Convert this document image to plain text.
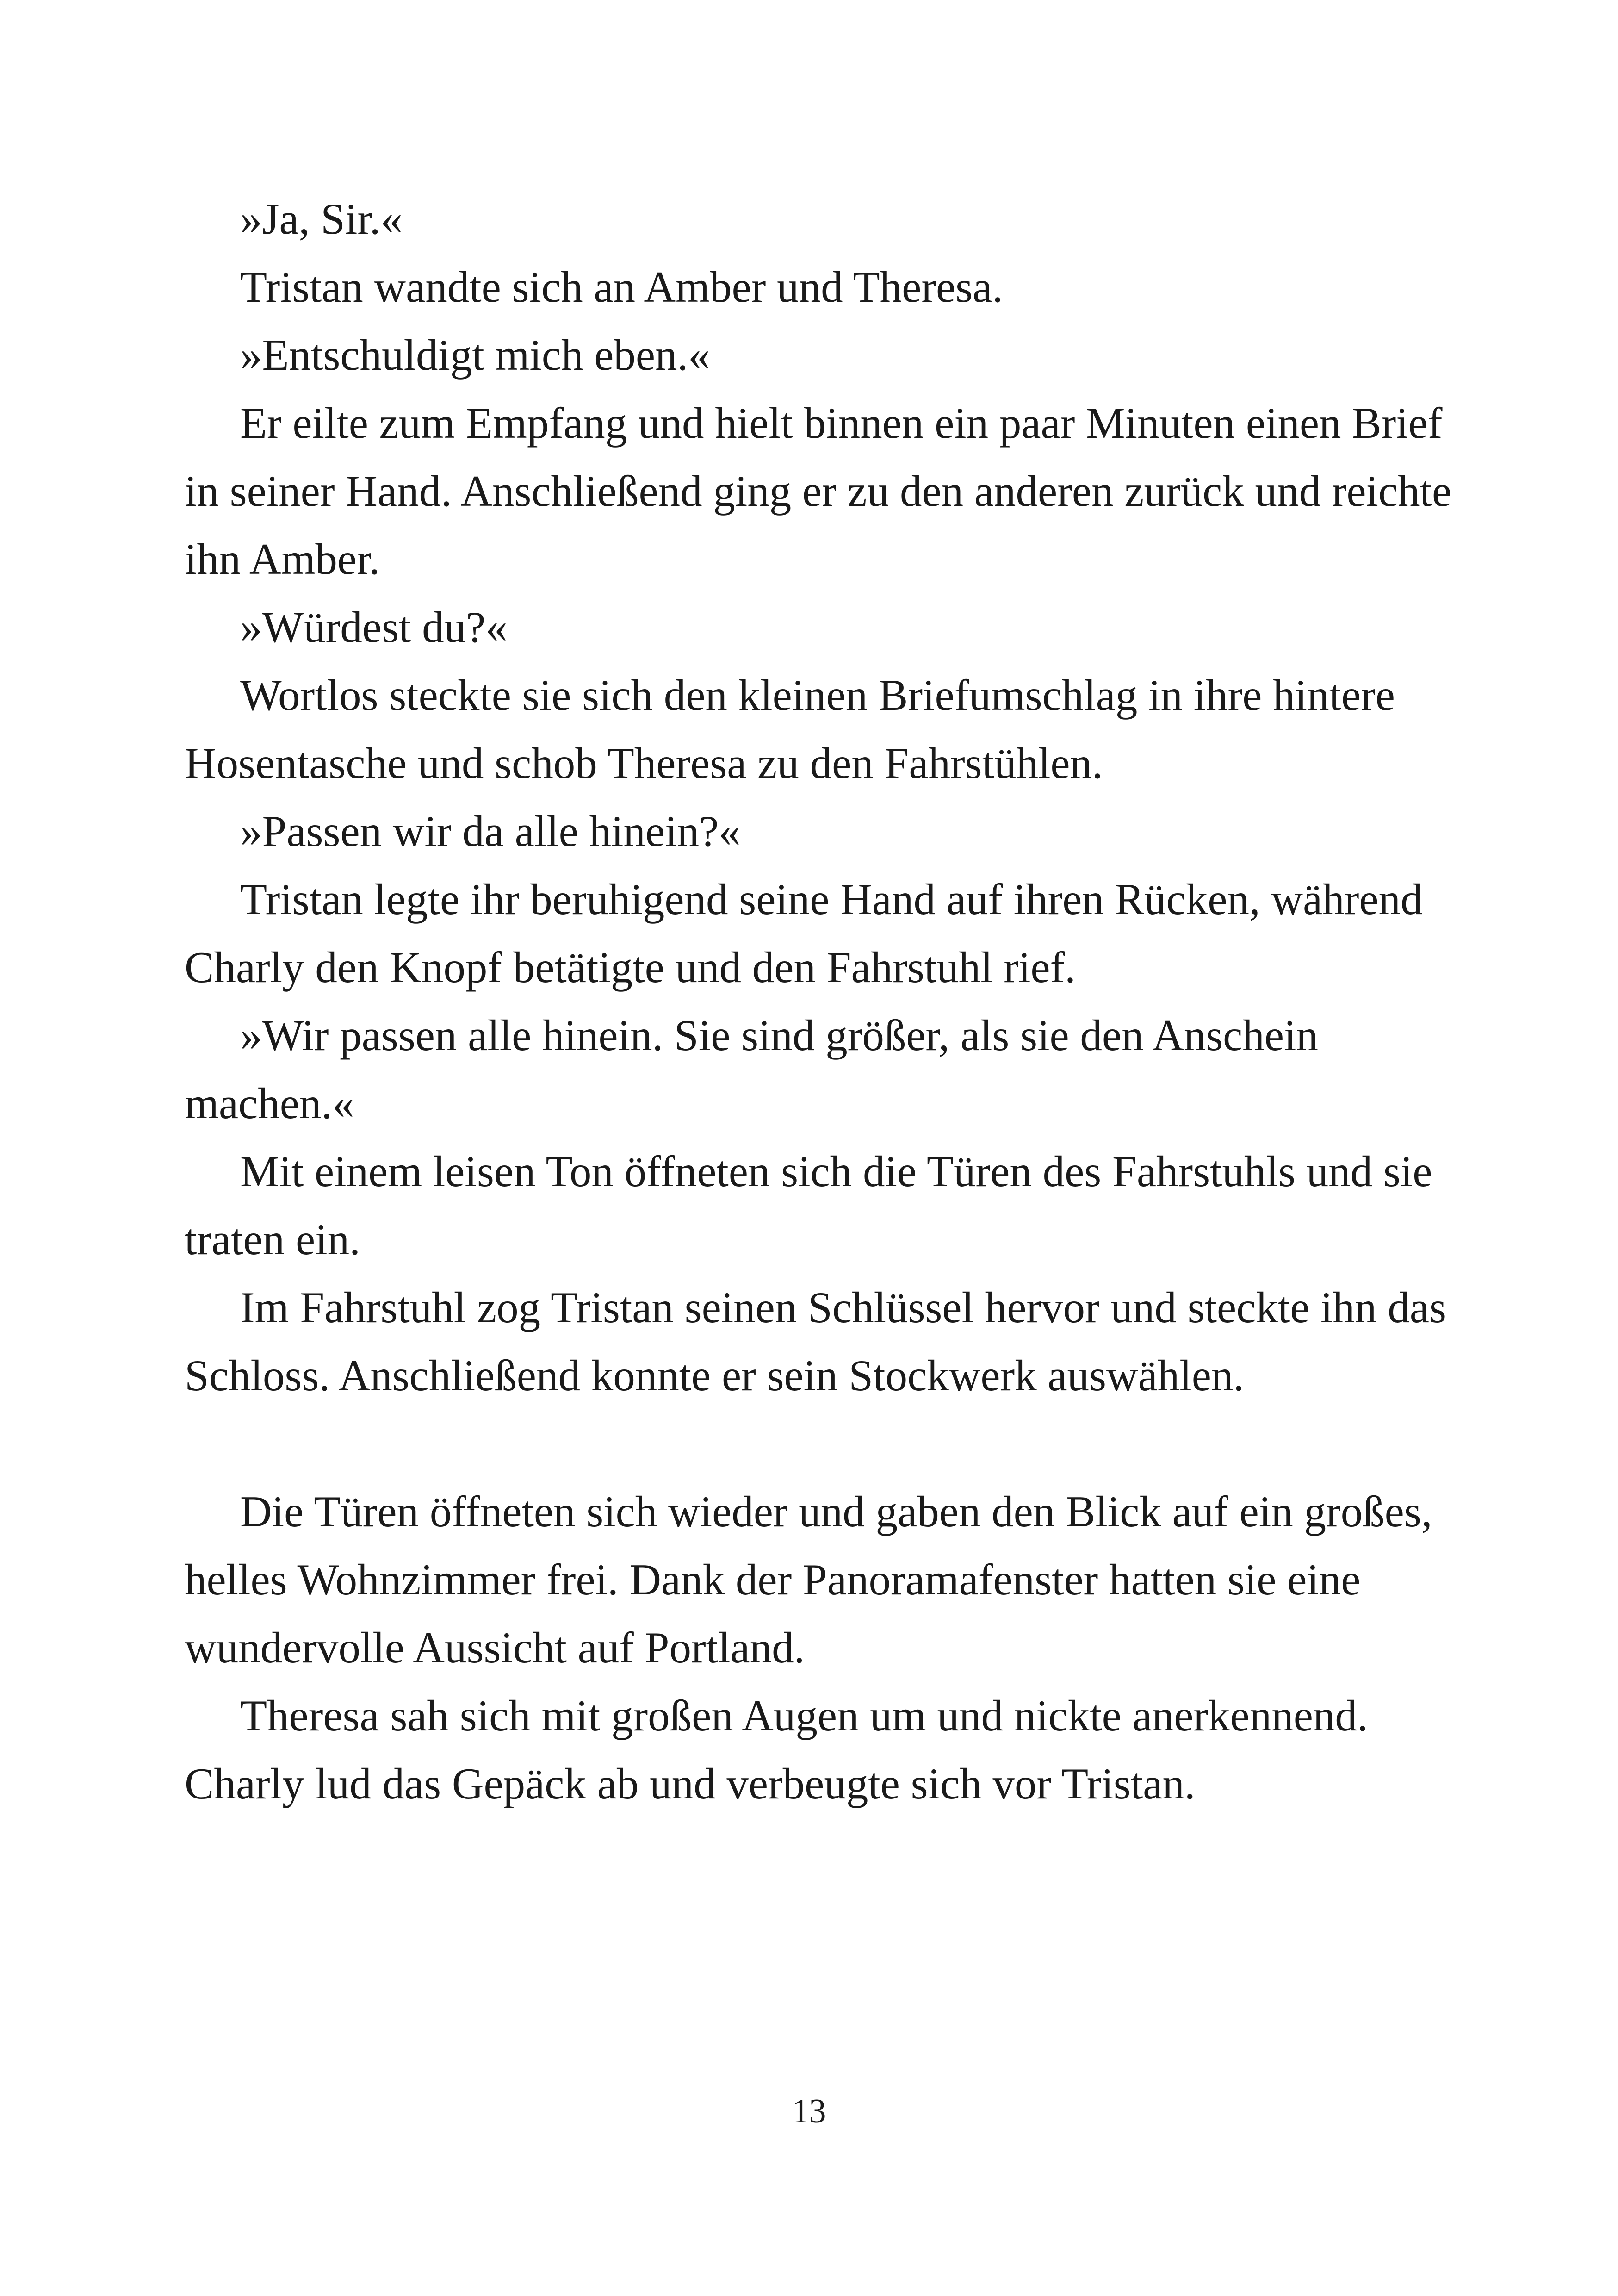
»Ja, Sir.«

Tristan wandte sich an Amber und Theresa.

»Entschuldigt mich eben.«

Er eilte zum Empfang und hielt binnen ein paar Minuten einen Brief in seiner Hand. Anschließend ging er zu den anderen zurück und reichte ihn Amber.

»Würdest du?«

Wortlos steckte sie sich den kleinen Briefumschlag in ihre hintere Hosentasche und schob Theresa zu den Fahrstühlen.

»Passen wir da alle hinein?«

Tristan legte ihr beruhigend seine Hand auf ihren Rücken, während Charly den Knopf betätigte und den Fahrstuhl rief.

»Wir passen alle hinein. Sie sind größer, als sie den Anschein machen.«

Mit einem leisen Ton öffneten sich die Türen des Fahrstuhls und sie traten ein.

Im Fahrstuhl zog Tristan seinen Schlüssel hervor und steckte ihn das Schloss. Anschließend konnte er sein Stockwerk auswählen.

Die Türen öffneten sich wieder und gaben den Blick auf ein großes, helles Wohnzimmer frei. Dank der Panoramafenster hatten sie eine wundervolle Aussicht auf Portland.

Theresa sah sich mit großen Augen um und nickte anerkennend. Charly lud das Gepäck ab und verbeugte sich vor Tristan.

13
